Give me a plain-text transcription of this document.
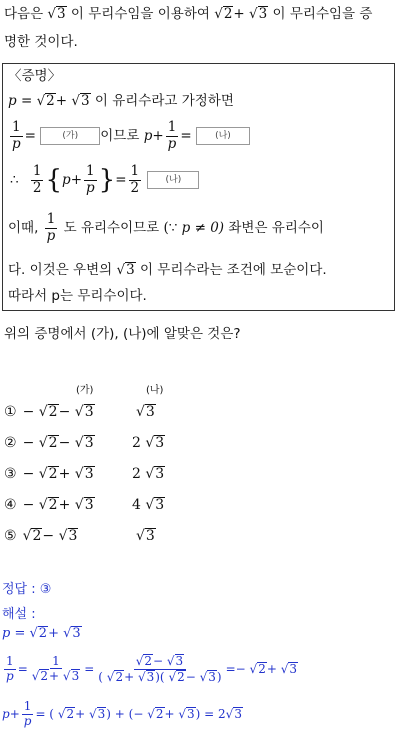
다음은 √3 이 무리수임을 이용하여 √2+ √3 이 무리수임을 증
명한 것이다.
〈증명〉
p = √2+ √3 이 유리수라고 가정하면
$\frac{1}{p}$ =	(가) 이므로 $p+ \frac{1}{p}$ =	(나)
∴ $\frac{1}{2} \{p+ \frac{1}{p}$ }= $\frac{1}{2}$	(나)
이때, $\frac{1}{p}$ 도 유리수이므로 (∵ p ≠ 0) 좌변은 유리수이
다. 이것은 우변의 √3 이 무리수라는 조건에 모순이다.
따라서 p는 무리수이다.
위의 증명에서 (가), (나)에 알맞은 것은?
(가)	(나)
① − √2− √3	√3
② − √2− √3	2 √3
③ − √2+ √3	2 √3
④ − √2+ √3	4 √3
⑤ √2− √3	√3
정답 : ③
해설 :
p = √2+ √3
$\frac{1}{p} = \frac{1}{√2+ √3} = \frac{√2- √3}{( √2+ √3)( √2- √3)} =- √2+ √3$
$p+ \frac{1}{p}$ = ( √2+ √3) + (− √2+ √3) = 2√3
